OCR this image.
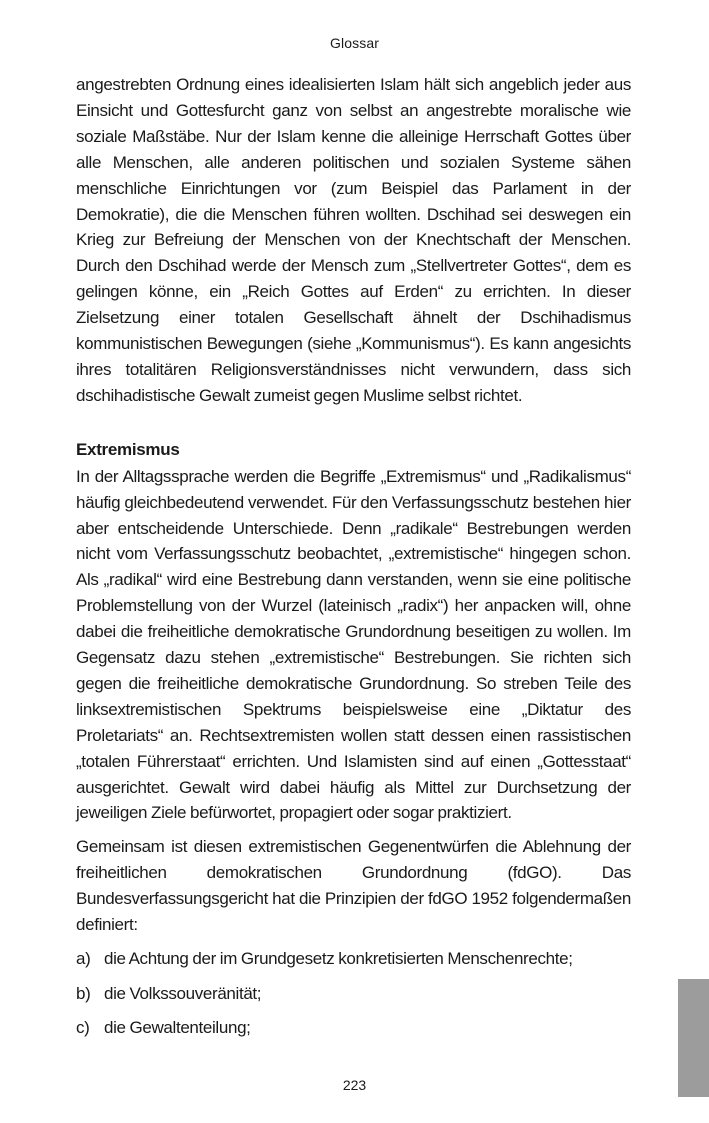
Glossar

angestrebten Ordnung eines idealisierten Islam hält sich angeblich jeder aus Einsicht und Gottesfurcht ganz von selbst an angestrebte moralische wie soziale Maßstäbe. Nur der Islam kenne die alleinige Herrschaft Gottes über alle Menschen, alle anderen politischen und sozialen Systeme sähen menschliche Einrichtungen vor (zum Beispiel das Parlament in der Demokratie), die die Menschen führen wollten. Dschihad sei deswegen ein Krieg zur Befreiung der Menschen von der Knechtschaft der Menschen. Durch den Dschihad werde der Mensch zum „Stellvertreter Gottes“, dem es gelingen könne, ein „Reich Gottes auf Erden“ zu errichten. In dieser Zielsetzung einer totalen Gesellschaft ähnelt der Dschihadismus kommunistischen Bewegungen (siehe „Kommunismus“). Es kann angesichts ihres totalitären Religionsverständnisses nicht verwundern, dass sich dschihadistische Gewalt zumeist gegen Muslime selbst richtet.

Extremismus

In der Alltagssprache werden die Begriffe „Extremismus“ und „Radikalismus“ häufig gleichbedeutend verwendet. Für den Verfassungsschutz bestehen hier aber entscheidende Unterschiede. Denn „radikale“ Bestrebungen werden nicht vom Verfassungsschutz beobachtet, „extremistische“ hingegen schon. Als „radikal“ wird eine Bestrebung dann verstanden, wenn sie eine politische Problemstellung von der Wurzel (lateinisch „radix“) her anpacken will, ohne dabei die freiheitliche demokratische Grundordnung beseitigen zu wollen. Im Gegensatz dazu stehen „extremistische“ Bestrebungen. Sie richten sich gegen die freiheitliche demokratische Grundordnung. So streben Teile des linksextremistischen Spektrums beispielsweise eine „Diktatur des Proletariats“ an. Rechtsextremisten wollen statt dessen einen rassistischen „totalen Führerstaat“ errichten. Und Islamisten sind auf einen „Gottesstaat“ ausgerichtet. Gewalt wird dabei häufig als Mittel zur Durchsetzung der jeweiligen Ziele befürwortet, propagiert oder sogar praktiziert.

Gemeinsam ist diesen extremistischen Gegenentwürfen die Ablehnung der freiheitlichen demokratischen Grundordnung (fdGO). Das Bundesverfassungsgericht hat die Prinzipien der fdGO 1952 folgendermaßen definiert:

a) die Achtung der im Grundgesetz konkretisierten Menschenrechte;
b) die Volkssouveränität;
c) die Gewaltenteilung;
223
